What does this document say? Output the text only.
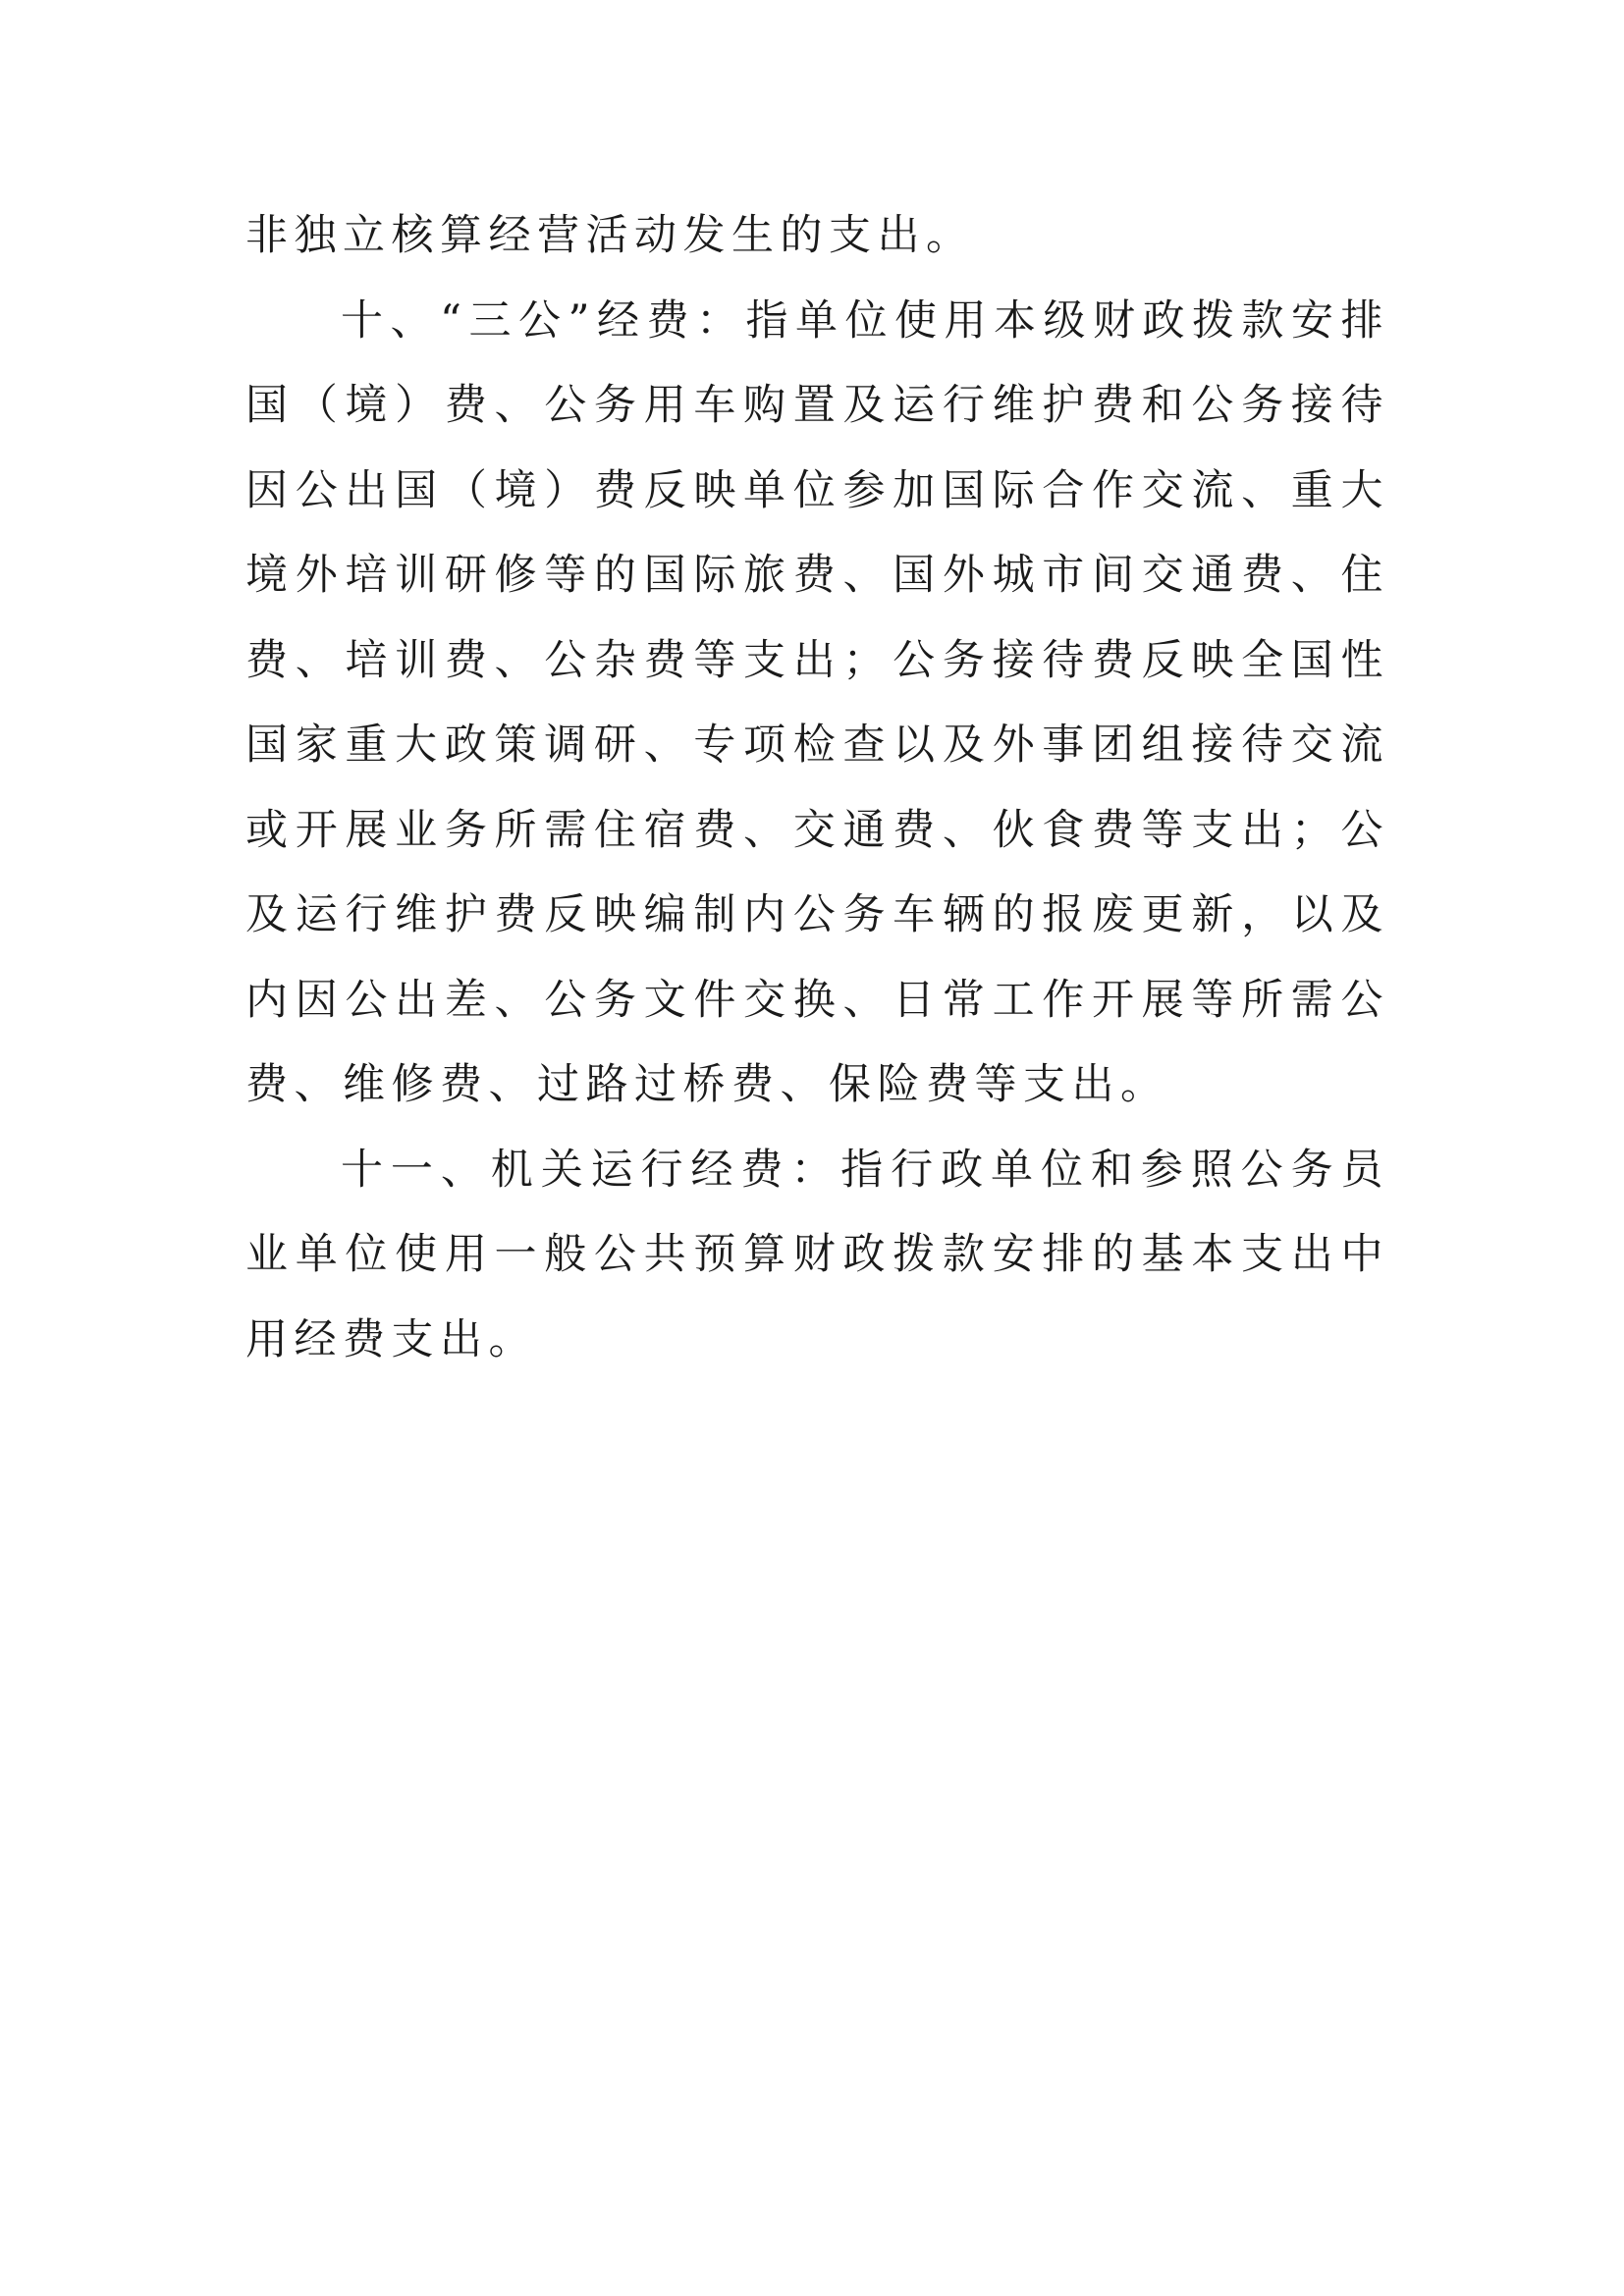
非独立核算经营活动发生的支出。
十、“三公”经费：指单位使用本级财政拨款安排
国（境）费、公务用车购置及运行维护费和公务接待
因公出国（境）费反映单位参加国际合作交流、重大
境外培训研修等的国际旅费、国外城市间交通费、住
费、培训费、公杂费等支出；公务接待费反映全国性
国家重大政策调研、专项检查以及外事团组接待交流
或开展业务所需住宿费、交通费、伙食费等支出；公
及运行维护费反映编制内公务车辆的报废更新，以及
内因公出差、公务文件交换、日常工作开展等所需公
费、维修费、过路过桥费、保险费等支出。
十一、机关运行经费：指行政单位和参照公务员
业单位使用一般公共预算财政拨款安排的基本支出中
用经费支出。
